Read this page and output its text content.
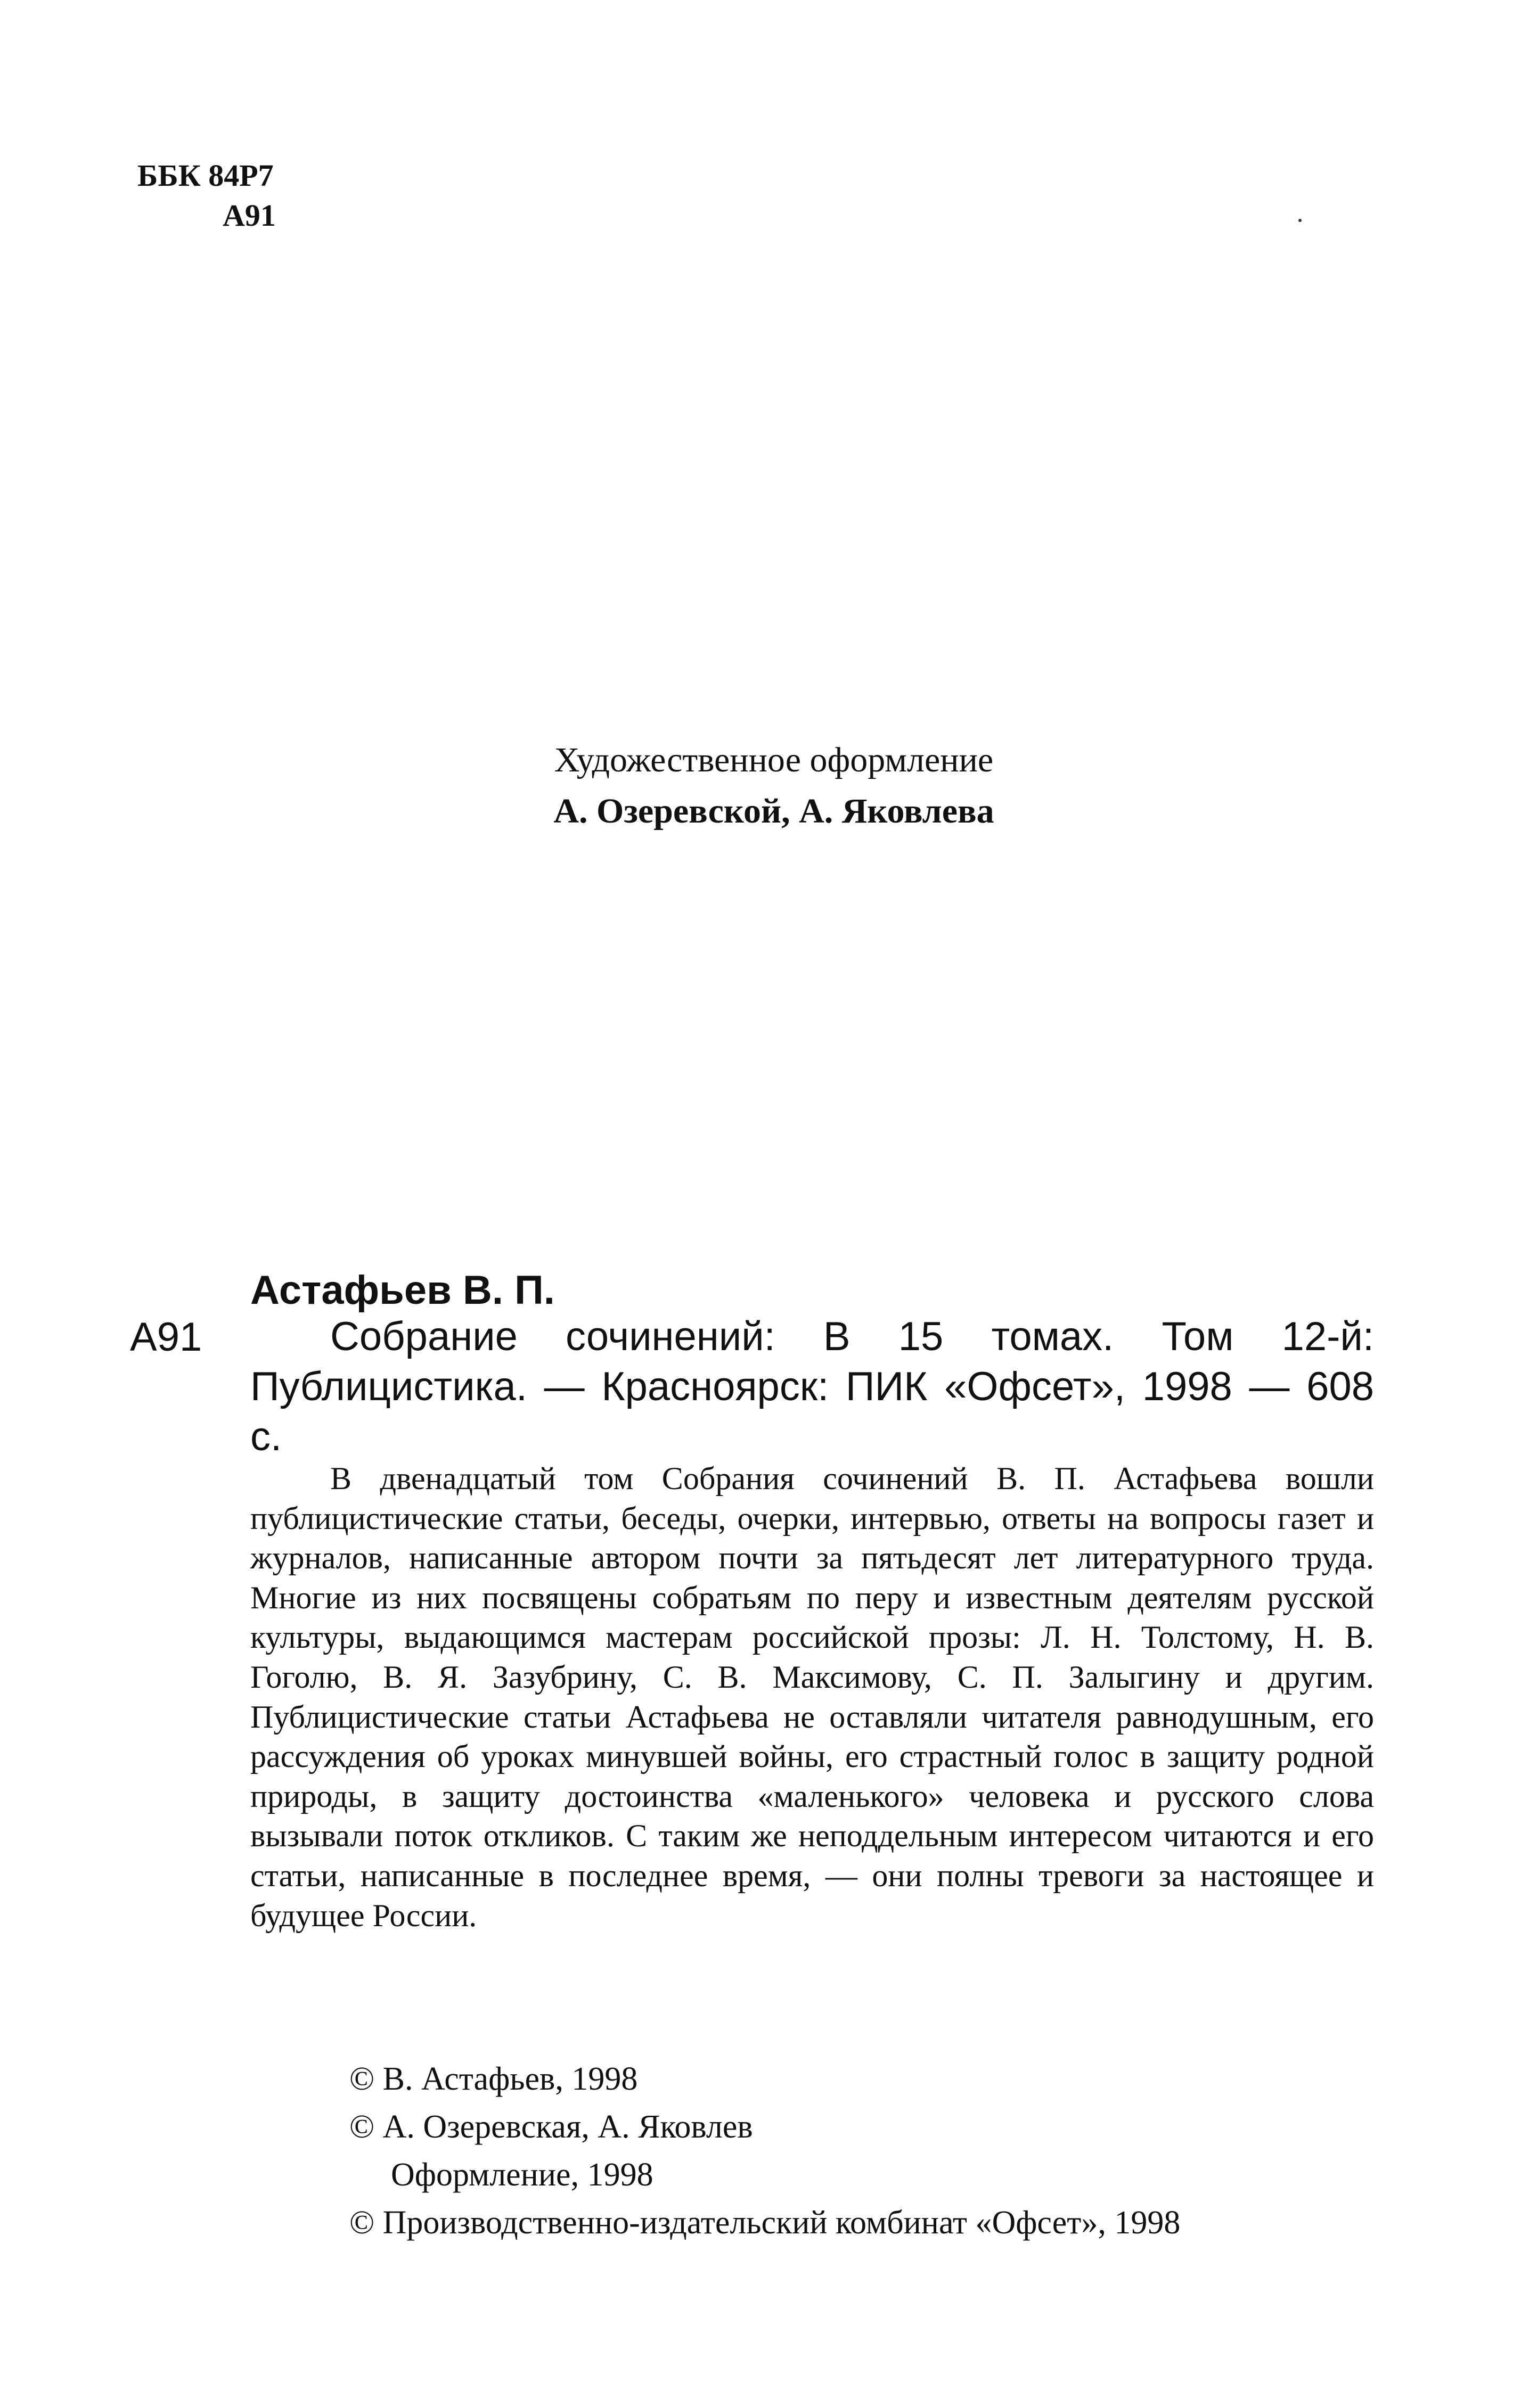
ББК 84Р7
А91
Художественное оформление
А. Озеревской, А. Яковлева
Астафьев В. П.
А91	Собрание сочинений: В 15 томах. Том 12-й: Публицистика. — Красноярск: ПИК «Офсет», 1998 — 608 с.
В двенадцатый том Собрания сочинений В. П. Астафьева вошли публицистические статьи, беседы, очерки, интервью, ответы на вопросы газет и журналов, написанные автором почти за пятьдесят лет литературного труда. Многие из них посвящены собратьям по перу и известным деятелям русской культуры, выдающимся мастерам российской прозы: Л. Н. Толстому, Н. В. Гоголю, В. Я. Зазубрину, С. В. Максимову, С. П. Залыгину и другим. Публицистические статьи Астафьева не оставляли читателя равнодушным, его рассуждения об уроках минувшей войны, его страстный голос в защиту родной природы, в защиту достоинства «маленького» человека и русского слова вызывали поток откликов. С таким же неподдельным интересом читаются и его статьи, написанные в последнее время, — они полны тревоги за настоящее и будущее России.
© В. Астафьев, 1998
© А. Озеревская, А. Яковлев
Оформление, 1998
© Производственно-издательский комбинат «Офсет», 1998
